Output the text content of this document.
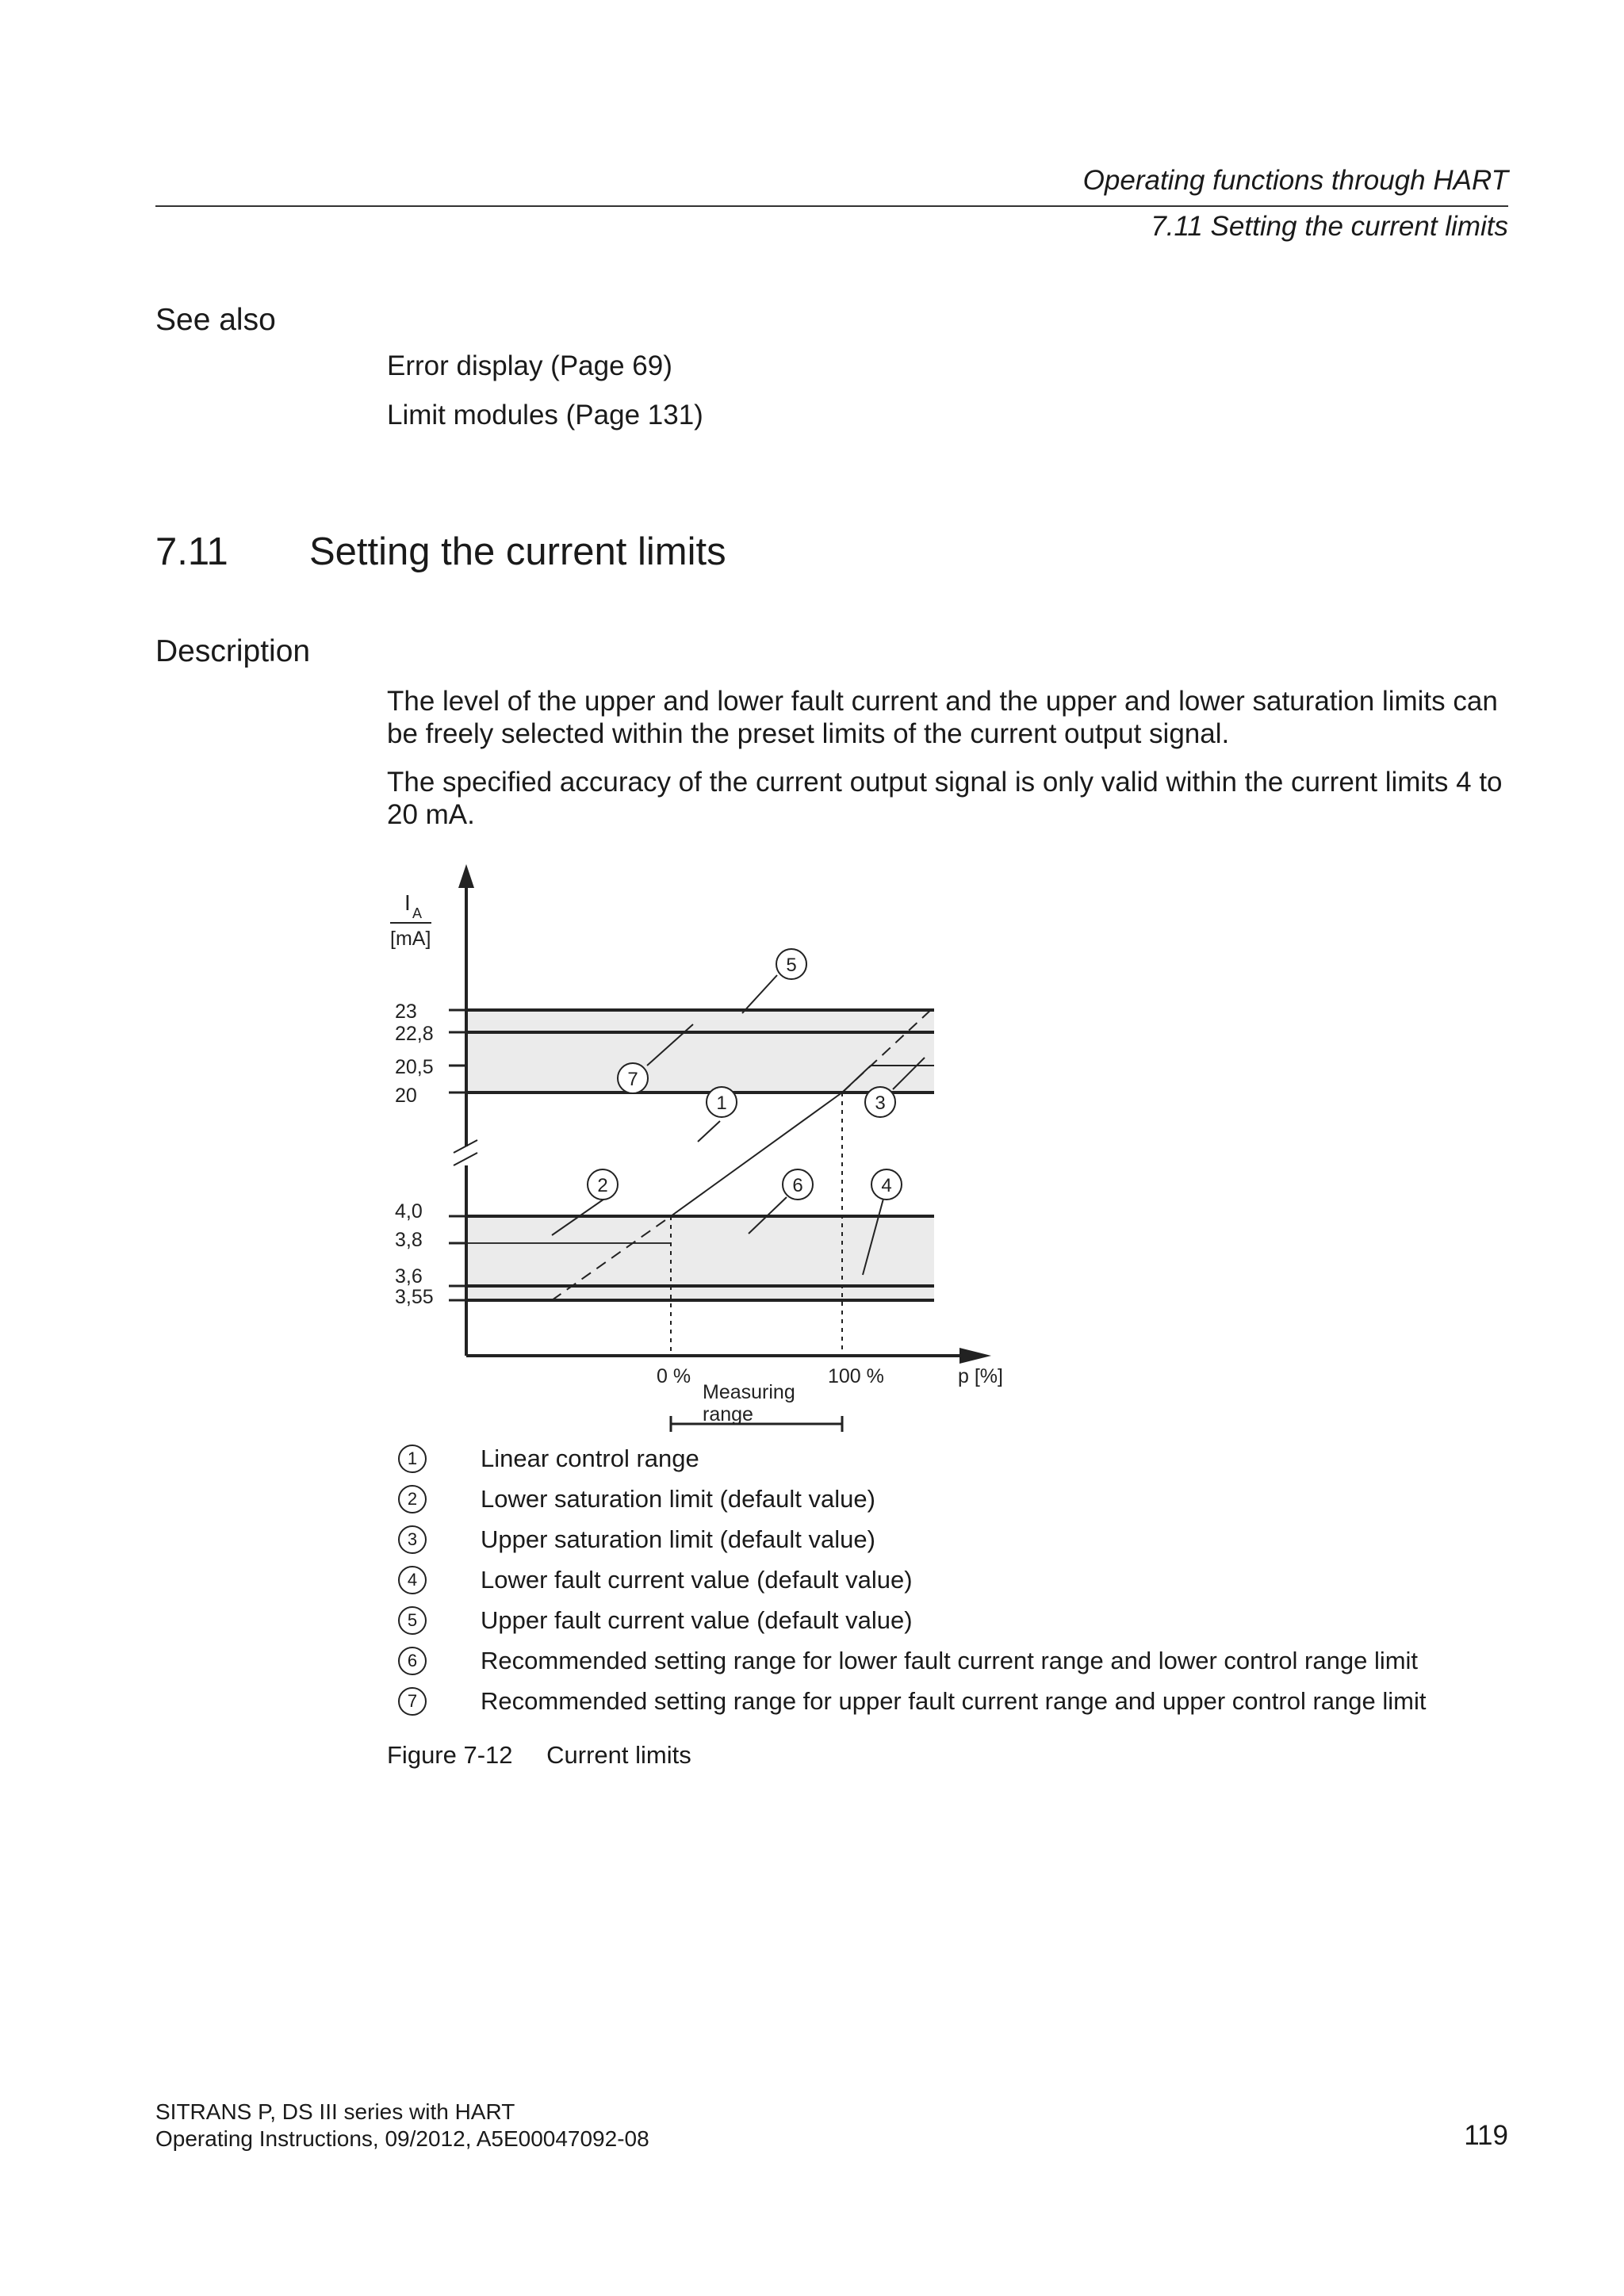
Operating functions through HART
7.11 Setting the current limits
See also
Error display (Page 69)
Limit modules (Page 131)
7.11 Setting the current limits
Description
The level of the upper and lower fault current and the upper and lower saturation limits can be freely selected within the preset limits of the current output signal.
The specified accuracy of the current output signal is only valid within the current limits 4 to 20 mA.
23
22,8
20,5
20
4,0
3,8
3,6
3,55
I A
[mA]
0 %	100 %	p [%]
Measuring
range
5
7
1	3
2	6	4
1	Linear control range
2	Lower saturation limit (default value)
3	Upper saturation limit (default value)
4	Lower fault current value (default value)
5	Upper fault current value (default value)
6	Recommended setting range for lower fault current range and lower control range limit
7	Recommended setting range for upper fault current range and upper control range limit
Figure 7-12 Current limits
SITRANS P, DS III series with HART
Operating Instructions, 09/2012, A5E00047092-08	119
